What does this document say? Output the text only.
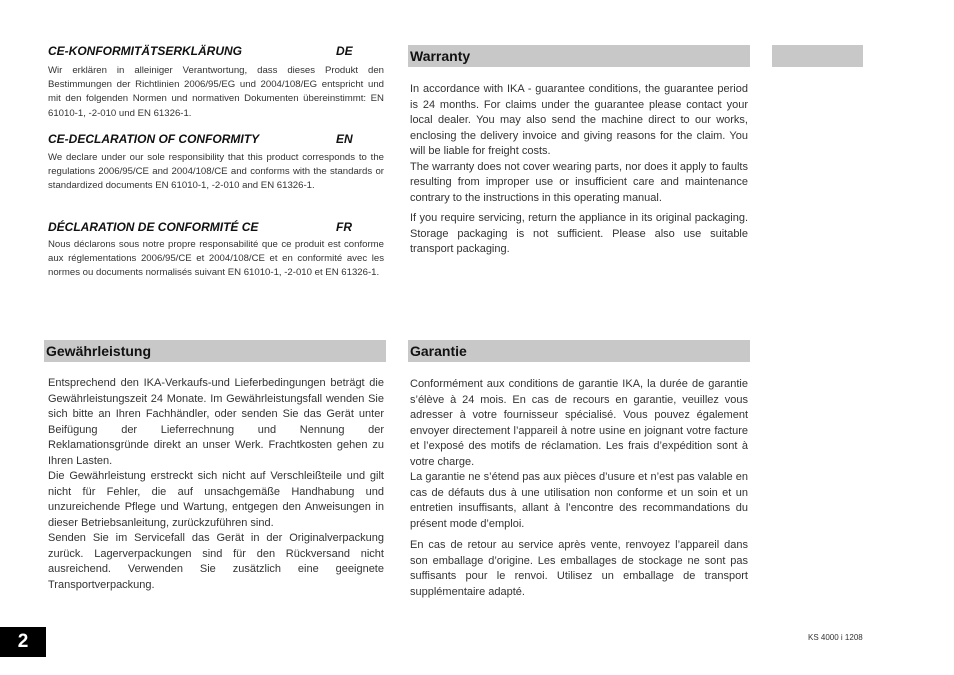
CE-KONFORMITÄTSERKLÄRUNG	DE
Wir erklären in alleiniger Verantwortung, dass dieses Produkt den Bestimmungen der Richtlinien 2006/95/EG und 2004/108/EG entspricht und mit den folgenden Normen und normativen Dokumenten übereinstimmt: EN 61010-1, -2-010 und EN 61326-1.
CE-DECLARATION OF CONFORMITY	EN
We declare under our sole responsibility that this product corresponds to the regulations 2006/95/CE and 2004/108/CE and conforms with the standards or standardized documents EN 61010-1, -2-010 and EN 61326-1.
DÉCLARATION DE CONFORMITÉ CE	FR
Nous déclarons sous notre propre responsabilité que ce produit est conforme aux réglementations 2006/95/CE et 2004/108/CE et en conformité avec les normes ou documents normalisés suivant EN 61010-1, -2-010 et EN 61326-1.
Warranty

In accordance with IKA - guarantee conditions, the guarantee period is 24 months. For claims under the guarantee please contact your local dealer. You may also send the machine direct to our works, enclosing the delivery invoice and giving reasons for the claim. You will be liable for freight costs.

The warranty does not cover wearing parts, nor does it apply to faults resulting from improper use or insufficient care and maintenance contrary to the instructions in this operating manual.

If you require servicing, return the appliance in its original packaging. Storage packaging is not sufficient. Please also use suitable transport packaging.

Gewährleistung

Entsprechend den IKA-Verkaufs-und Lieferbedingungen beträgt die Gewährleistungszeit 24 Monate. Im Gewährleistungsfall wenden Sie sich bitte an Ihren Fachhändler, oder senden Sie das Gerät unter Beifügung der Lieferrechnung und Nennung der Reklamationsgründe direkt an unser Werk. Frachtkosten gehen zu Ihren Lasten.

Die Gewährleistung erstreckt sich nicht auf Verschleißteile und gilt nicht für Fehler, die auf unsachgemäße Handhabung und unzureichende Pflege und Wartung, entgegen den Anweisungen in dieser Betriebsanleitung, zurückzuführen sind.

Senden Sie im Servicefall das Gerät in der Originalverpackung zurück. Lagerverpackungen sind für den Rückversand nicht ausreichend. Verwenden Sie zusätzlich eine geeignete Transportverpackung.

Garantie

Conformément aux conditions de garantie IKA, la durée de garantie s’élève à 24 mois. En cas de recours en garantie, veuillez vous adresser à votre fournisseur spécialisé. Vous pouvez également envoyer directement l’appareil à notre usine en joignant votre facture et l’exposé des motifs de réclamation. Les frais d’expédition sont à votre charge.

La garantie ne s’étend pas aux pièces d’usure et n’est pas valable en cas de défauts dus à une utilisation non conforme et un soin et un entretien insuffisants, allant à l’encontre des recommandations du présent mode d’emploi.

En cas de retour au service après vente, renvoyez l’appareil dans son emballage d’origine. Les emballages de stockage ne sont pas suffisants pour le renvoi. Utilisez un emballage de transport supplémentaire adapté.

2	KS 4000 i 1208
